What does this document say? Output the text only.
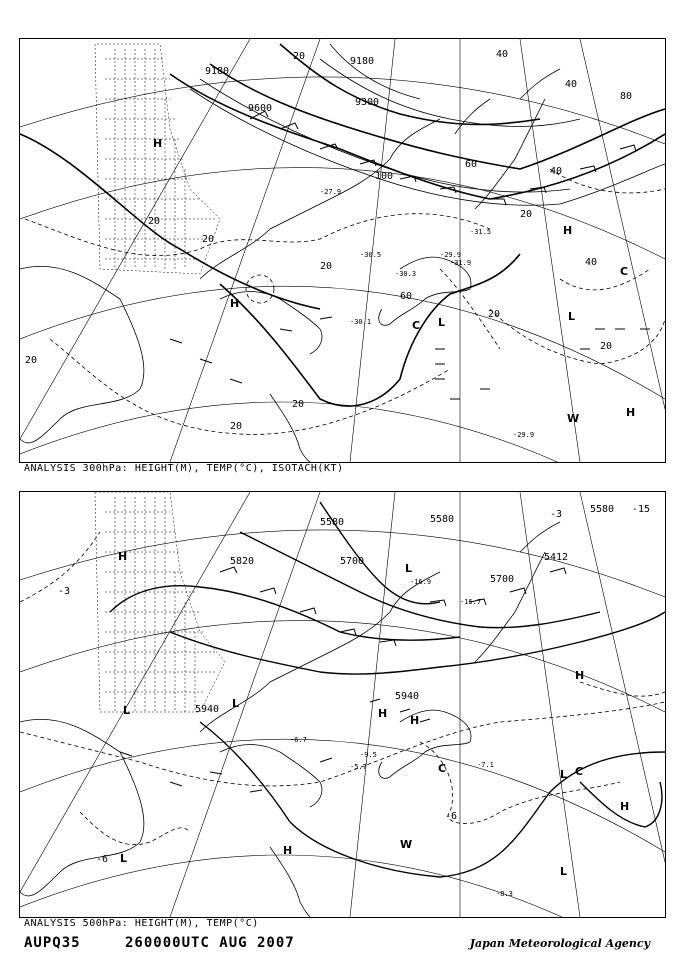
9600
9180
9180
9300
20
20
20
20
20
20
20
20
20
20
40
40
40
40
60
60
80
100
H
H
H
L	L
C
C
W	H
-27.9
-31.5
-29.9
-30.5
-30.1
-31.9
-29.9
-30.3
ANALYSIS 300hPa: HEIGHT(M), TEMP(°C), ISOTACH(KT)
5580	5580
5820	5700
5700
5580
5940
5940
5412
-3
-3	-15
-6
-6
H
L
L
H
L
H
H
C	L C
H
L
W
L
H
-16.9
-16.7
-9.5
-6.7
-5.7	-7.1
-8.3
ANALYSIS 500hPa: HEIGHT(M), TEMP(°C)
AUPQ35	260000UTC AUG 2007	Japan Meteorological Agency
